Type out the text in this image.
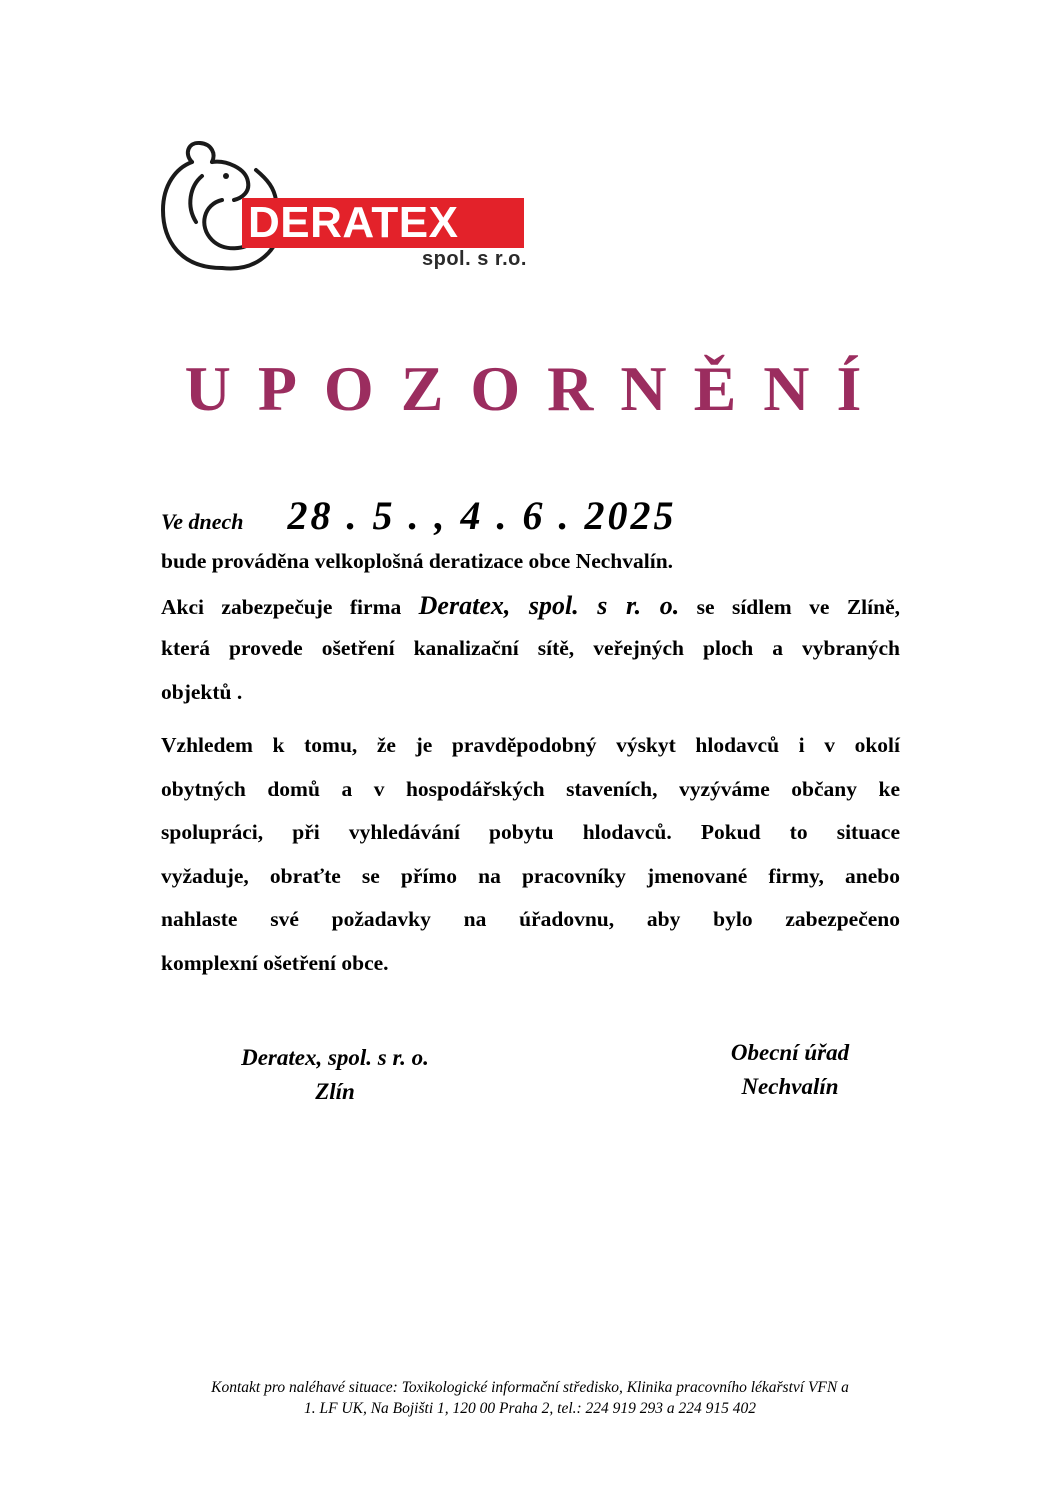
DERATEX
spol. s r.o.
UPOZORNĚNÍ
Ve dnech 28 . 5 . , 4 . 6 . 2025
bude prováděna velkoplošná deratizace obce Nechvalín.
Akci zabezpečuje firma Deratex, spol. s r. o. se sídlem ve Zlíně,
která provede ošetření kanalizační sítě, veřejných ploch a vybraných
objektů .
Vzhledem k tomu, že je pravděpodobný výskyt hlodavců i v okolí
obytných domů a v hospodářských staveních, vyzýváme občany ke
spolupráci, při vyhledávání pobytu hlodavců. Pokud to situace
vyžaduje, obraťte se přímo na pracovníky jmenované firmy, anebo
nahlaste své požadavky na úřadovnu, aby bylo zabezpečeno
komplexní ošetření obce.
Deratex, spol. s r. o.
Zlín
Obecní úřad
Nechvalín
Kontakt pro naléhavé situace: Toxikologické informační středisko, Klinika pracovního lékařství VFN a
1. LF UK, Na Bojišti 1, 120 00 Praha 2, tel.: 224 919 293 a 224 915 402
